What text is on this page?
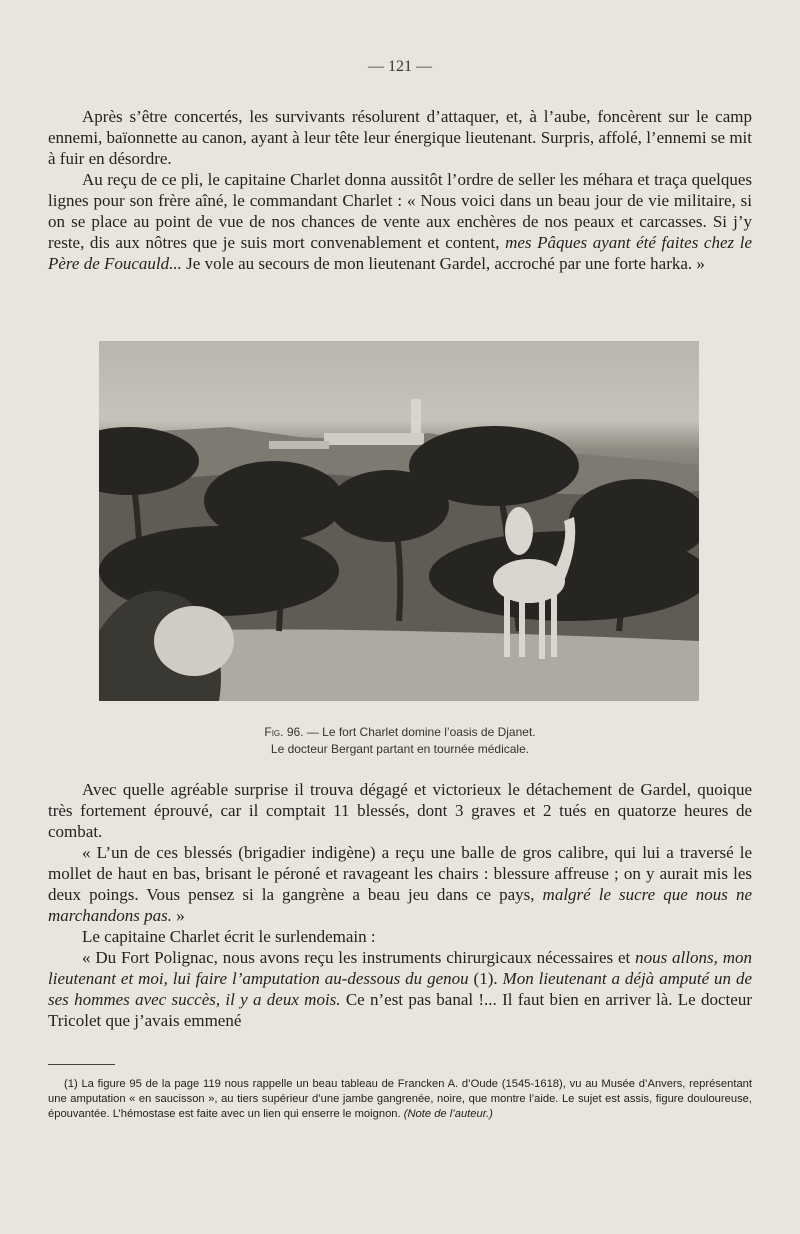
— 121 —

Après s’être concertés, les survivants résolurent d’attaquer, et, à l’aube, foncèrent sur le camp ennemi, baïonnette au canon, ayant à leur tête leur énergique lieutenant. Surpris, affolé, l’ennemi se mit à fuir en désordre.

Au reçu de ce pli, le capitaine Charlet donna aussitôt l’ordre de seller les méhara et traça quelques lignes pour son frère aîné, le commandant Charlet : « Nous voici dans un beau jour de vie militaire, si on se place au point de vue de nos chances de vente aux enchères de nos peaux et carcasses. Si j’y reste, dis aux nôtres que je suis mort convenablement et content, mes Pâques ayant été faites chez le Père de Foucauld... Je vole au secours de mon lieutenant Gardel, accroché par une forte harka. »

Fig. 96. — Le fort Charlet domine l’oasis de Djanet.
Le docteur Bergant partant en tournée médicale.

Avec quelle agréable surprise il trouva dégagé et victorieux le détachement de Gardel, quoique très fortement éprouvé, car il comptait 11 blessés, dont 3 graves et 2 tués en quatorze heures de combat.

« L’un de ces blessés (brigadier indigène) a reçu une balle de gros calibre, qui lui a traversé le mollet de haut en bas, brisant le péroné et ravageant les chairs : blessure affreuse ; on y aurait mis les deux poings. Vous pensez si la gangrène a beau jeu dans ce pays, malgré le sucre que nous ne marchandons pas. »

Le capitaine Charlet écrit le surlendemain :

« Du Fort Polignac, nous avons reçu les instruments chirurgicaux nécessaires et nous allons, mon lieutenant et moi, lui faire l’amputation au-dessous du genou (1). Mon lieutenant a déjà amputé un de ses hommes avec succès, il y a deux mois. Ce n’est pas banal !... Il faut bien en arriver là. Le docteur Tricolet que j’avais emmené

(1) La figure 95 de la page 119 nous rappelle un beau tableau de Francken A. d’Oude (1545-1618), vu au Musée d’Anvers, représentant une amputation « en saucisson », au tiers supérieur d’une jambe gangrenée, noire, que montre l’aide. Le sujet est assis, figure douloureuse, épouvantée. L’hémostase est faite avec un lien qui enserre le moignon. (Note de l’auteur.)
